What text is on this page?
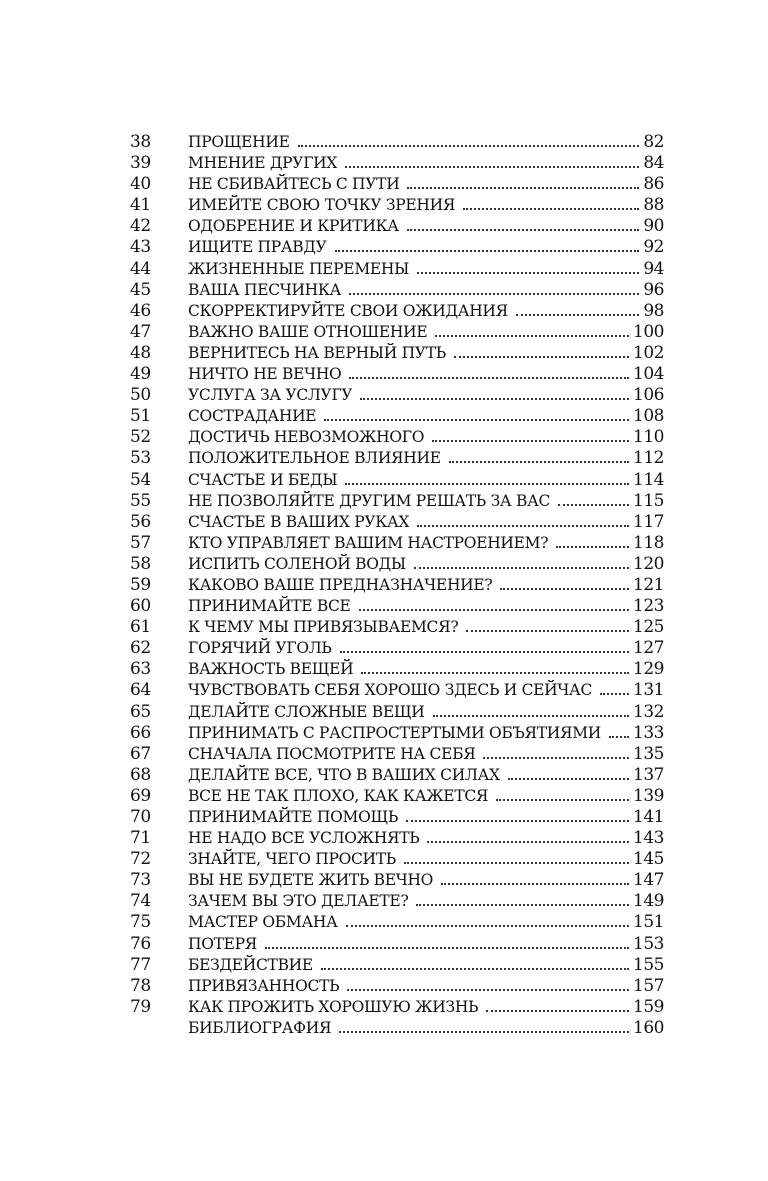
38	ПРОЩЕНИЕ	82
39	МНЕНИЕ ДРУГИХ	84
40	НЕ СБИВАЙТЕСЬ С ПУТИ	86
41	ИМЕЙТЕ СВОЮ ТОЧКУ ЗРЕНИЯ	88
42	ОДОБРЕНИЕ И КРИТИКА	90
43	ИЩИТЕ ПРАВДУ	92
44	ЖИЗНЕННЫЕ ПЕРЕМЕНЫ	94
45	ВАША ПЕСЧИНКА	96
46	СКОРРЕКТИРУЙТЕ СВОИ ОЖИДАНИЯ	98
47	ВАЖНО ВАШЕ ОТНОШЕНИЕ	100
48	ВЕРНИТЕСЬ НА ВЕРНЫЙ ПУТЬ	102
49	НИЧТО НЕ ВЕЧНО	104
50	УСЛУГА ЗА УСЛУГУ	106
51	СОСТРАДАНИЕ	108
52	ДОСТИЧЬ НЕВОЗМОЖНОГО	110
53	ПОЛОЖИТЕЛЬНОЕ ВЛИЯНИЕ	112
54	СЧАСТЬЕ И БЕДЫ	114
55	НЕ ПОЗВОЛЯЙТЕ ДРУГИМ РЕШАТЬ ЗА ВАС	115
56	СЧАСТЬЕ В ВАШИХ РУКАХ	117
57	КТО УПРАВЛЯЕТ ВАШИМ НАСТРОЕНИЕМ?	118
58	ИСПИТЬ СОЛЕНОЙ ВОДЫ	120
59	КАКОВО ВАШЕ ПРЕДНАЗНАЧЕНИЕ?	121
60	ПРИНИМАЙТЕ ВСЕ	123
61	К ЧЕМУ МЫ ПРИВЯЗЫВАЕМСЯ?	125
62	ГОРЯЧИЙ УГОЛЬ	127
63	ВАЖНОСТЬ ВЕЩЕЙ	129
64	ЧУВСТВОВАТЬ СЕБЯ ХОРОШО ЗДЕСЬ И СЕЙЧАС 131
65	ДЕЛАЙТЕ СЛОЖНЫЕ ВЕЩИ	132
66	ПРИНИМАТЬ С РАСПРОСТЕРТЫМИ ОБЪЯТИЯМИ 133
67	СНАЧАЛА ПОСМОТРИТЕ НА СЕБЯ	135
68	ДЕЛАЙТЕ ВСЕ, ЧТО В ВАШИХ СИЛАХ	137
69	ВСЕ НЕ ТАК ПЛОХО, КАК КАЖЕТСЯ	139
70	ПРИНИМАЙТЕ ПОМОЩЬ	141
71	НЕ НАДО ВСЕ УСЛОЖНЯТЬ	143
72	ЗНАЙТЕ, ЧЕГО ПРОСИТЬ	145
73	ВЫ НЕ БУДЕТЕ ЖИТЬ ВЕЧНО	147
74	ЗАЧЕМ ВЫ ЭТО ДЕЛАЕТЕ?	149
75	МАСТЕР ОБМАНА	151
76	ПОТЕРЯ	153
77	БЕЗДЕЙСТВИЕ	155
78	ПРИВЯЗАННОСТЬ	157
79	КАК ПРОЖИТЬ ХОРОШУЮ ЖИЗНЬ	159
БИБЛИОГРАФИЯ	160
